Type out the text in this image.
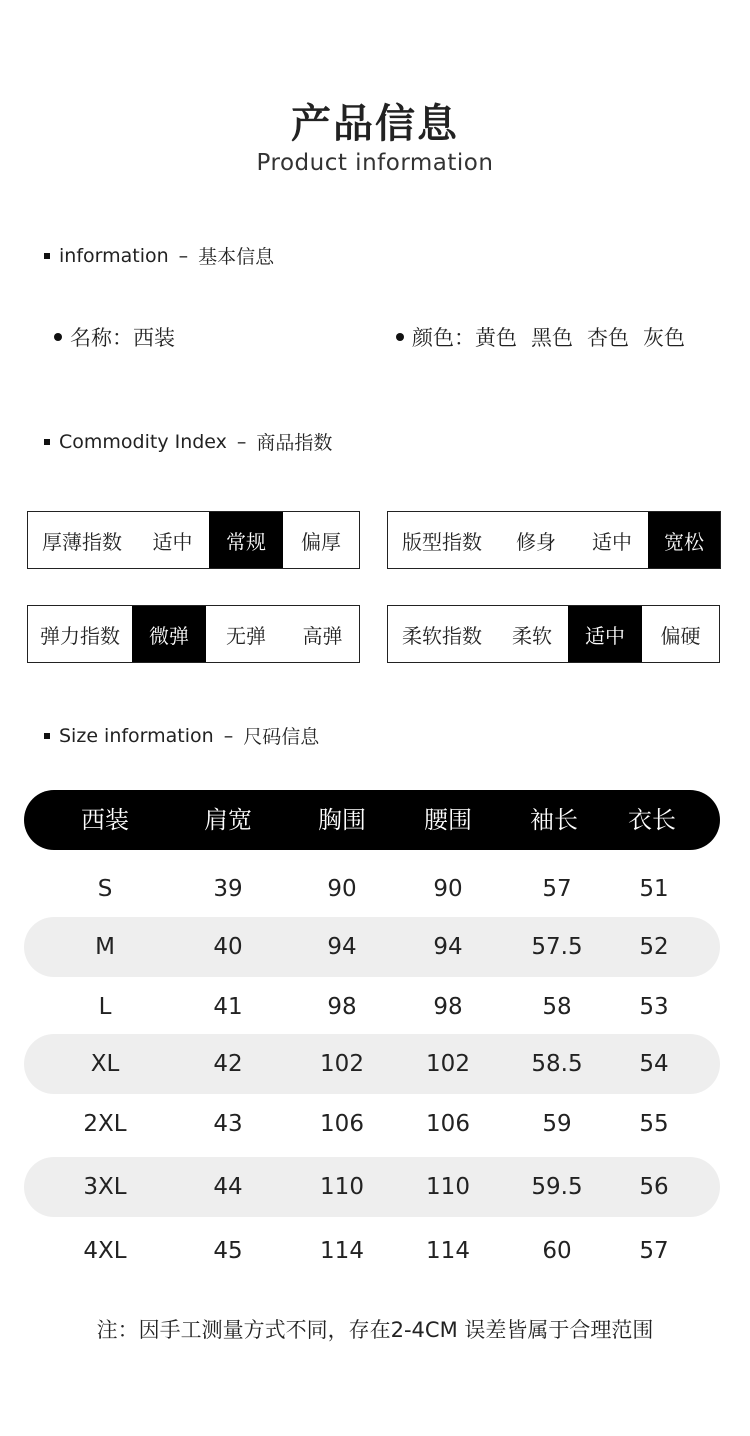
产品信息
Product information
information – 基本信息
名称：西装	颜色： 黄色 黑色 杏色 灰色
Commodity Index – 商品指数
厚薄指数	适中	常规	偏厚	版型指数	修身	适中	宽松
弹力指数	微弹	无弹	高弹	柔软指数	柔软	适中	偏硬
Size information – 尺码信息
西装	肩宽	胸围	腰围	袖长	衣长
S	39	90	90	57	51
M	40	94	94	57.5	52
L	41	98	98	58	53
XL	42	102	102	58.5	54
2XL	43	106	106	59	55
3XL	44	110	110	59.5	56
4XL	45	114	114	60	57
注：因手工测量方式不同，存在2-4CM 误差皆属于合理范围
